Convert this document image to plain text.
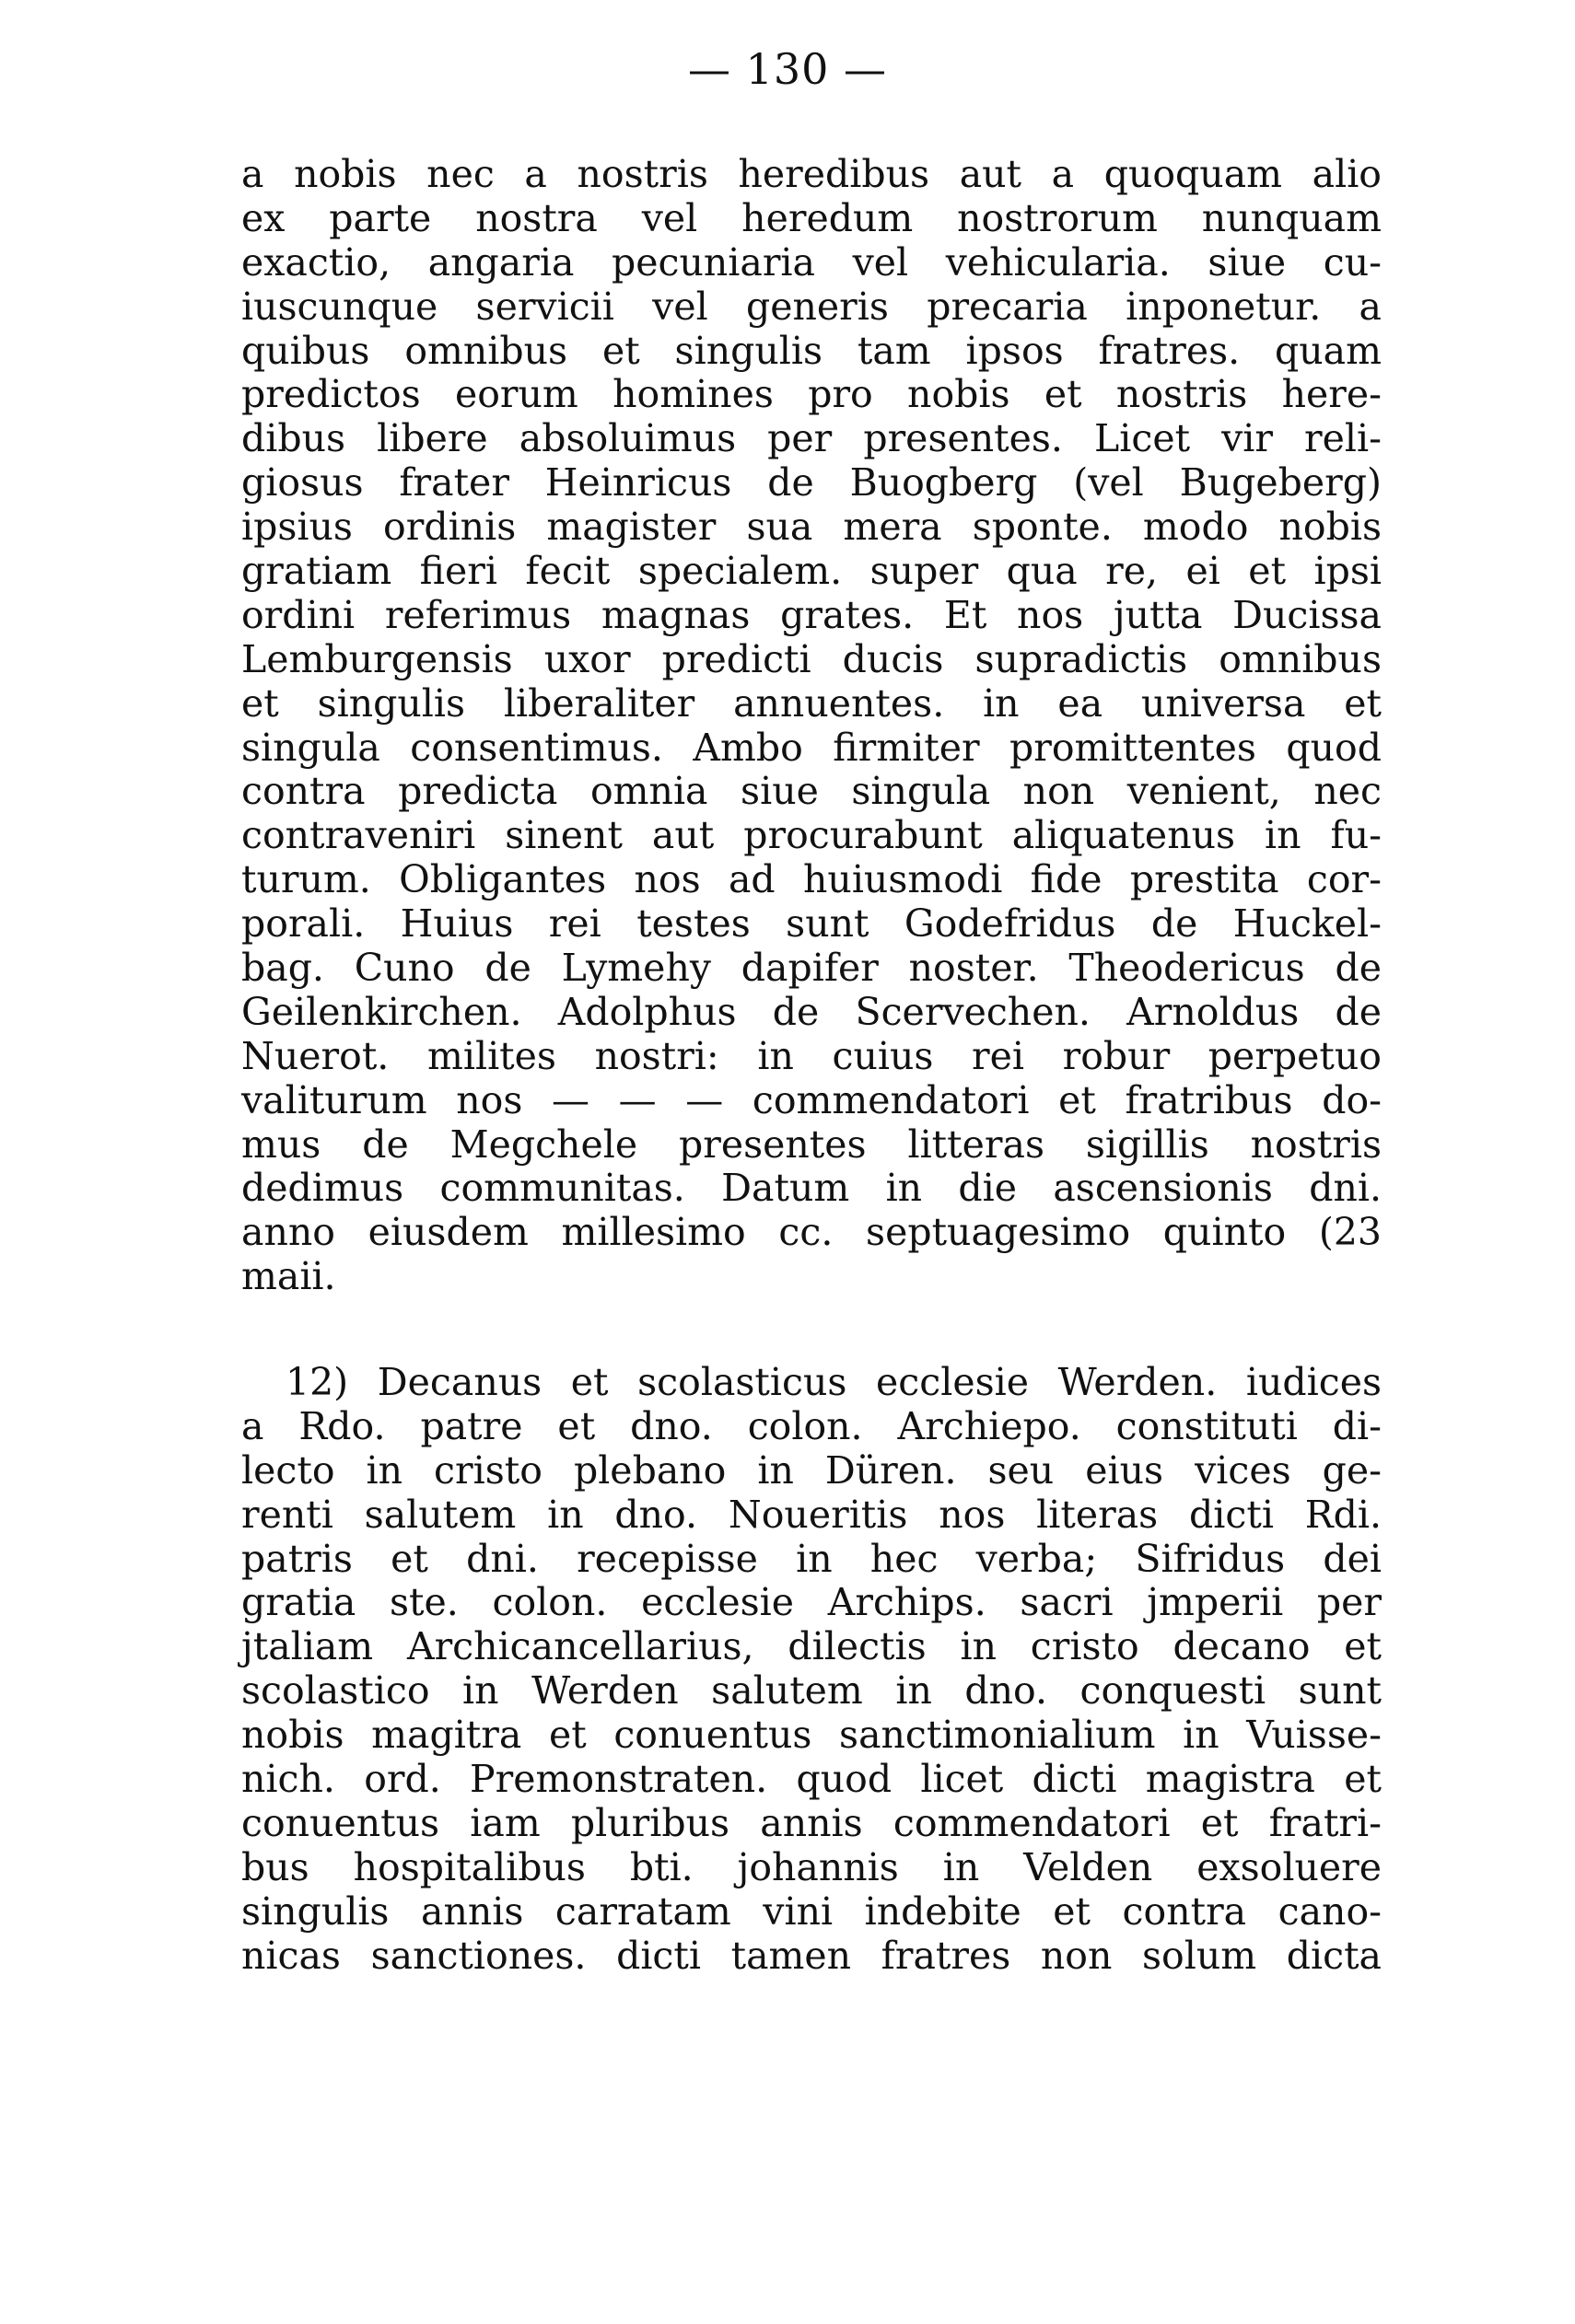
— 130 —
a nobis nec a nostris heredibus aut a quoquam alio
ex parte nostra vel heredum nostrorum nunquam
exactio, angaria pecuniaria vel vehicularia. siue cu-
iuscunque servicii vel generis precaria inponetur. a
quibus omnibus et singulis tam ipsos fratres. quam
predictos eorum homines pro nobis et nostris here-
dibus libere absoluimus per presentes. Licet vir reli-
giosus frater Heinricus de Buogberg (vel Bugeberg)
ipsius ordinis magister sua mera sponte. modo nobis
gratiam fieri fecit specialem. super qua re, ei et ipsi
ordini referimus magnas grates. Et nos jutta Ducissa
Lemburgensis uxor predicti ducis supradictis omnibus
et singulis liberaliter annuentes. in ea universa et
singula consentimus. Ambo firmiter promittentes quod
contra predicta omnia siue singula non venient, nec
contraveniri sinent aut procurabunt aliquatenus in fu-
turum. Obligantes nos ad huiusmodi fide prestita cor-
porali. Huius rei testes sunt Godefridus de Huckel-
bag. Cuno de Lymehy dapifer noster. Theodericus de
Geilenkirchen. Adolphus de Scervechen. Arnoldus de
Nuerot. milites nostri: in cuius rei robur perpetuo
valiturum nos — — — commendatori et fratribus do-
mus de Megchele presentes litteras sigillis nostris
dedimus communitas. Datum in die ascensionis dni.
anno eiusdem millesimo cc. septuagesimo quinto (23
maii.
12) Decanus et scolasticus ecclesie Werden. iudices
a Rdo. patre et dno. colon. Archiepo. constituti di-
lecto in cristo plebano in Düren. seu eius vices ge-
renti salutem in dno. Noueritis nos literas dicti Rdi.
patris et dni. recepisse in hec verba; Sifridus dei
gratia ste. colon. ecclesie Archips. sacri jmperii per
jtaliam Archicancellarius, dilectis in cristo decano et
scolastico in Werden salutem in dno. conquesti sunt
nobis magitra et conuentus sanctimonialium in Vuisse-
nich. ord. Premonstraten. quod licet dicti magistra et
conuentus iam pluribus annis commendatori et fratri-
bus hospitalibus bti. johannis in Velden exsoluere
singulis annis carratam vini indebite et contra cano-
nicas sanctiones. dicti tamen fratres non solum dicta
